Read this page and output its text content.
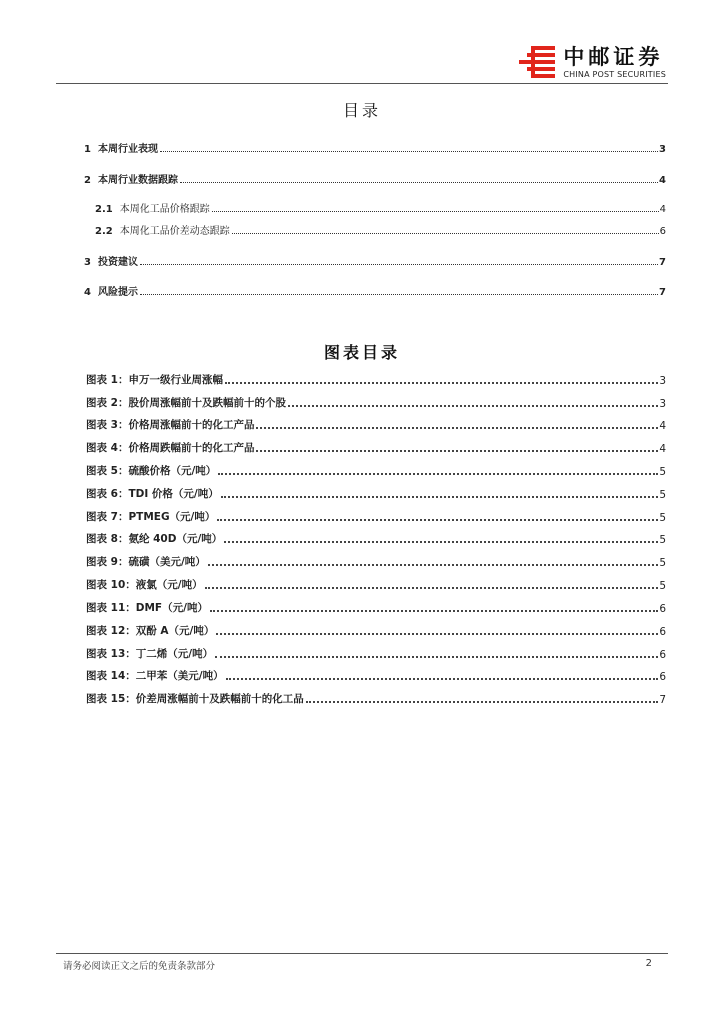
中邮证券
CHINA POST SECURITIES
目录
1 本周行业表现	3
2 本周行业数据跟踪	4
2.1 本周化工品价格跟踪	4
2.2 本周化工品价差动态跟踪	6
3 投资建议	7
4 风险提示	7
图表目录
图表 1：申万一级行业周涨幅	3
图表 2：股价周涨幅前十及跌幅前十的个股	3
图表 3：价格周涨幅前十的化工产品	4
图表 4：价格周跌幅前十的化工产品	4
图表 5：硫酸价格（元/吨）	5
图表 6：TDI 价格（元/吨）	5
图表 7：PTMEG（元/吨）	5
图表 8：氨纶 40D（元/吨）	5
图表 9：硫磺（美元/吨）	5
图表 10：液氯（元/吨）	5
图表 11：DMF（元/吨）	6
图表 12：双酚 A（元/吨）	6
图表 13：丁二烯（元/吨）	6
图表 14：二甲苯（美元/吨）	6
图表 15：价差周涨幅前十及跌幅前十的化工品	7
请务必阅读正文之后的免责条款部分	2
